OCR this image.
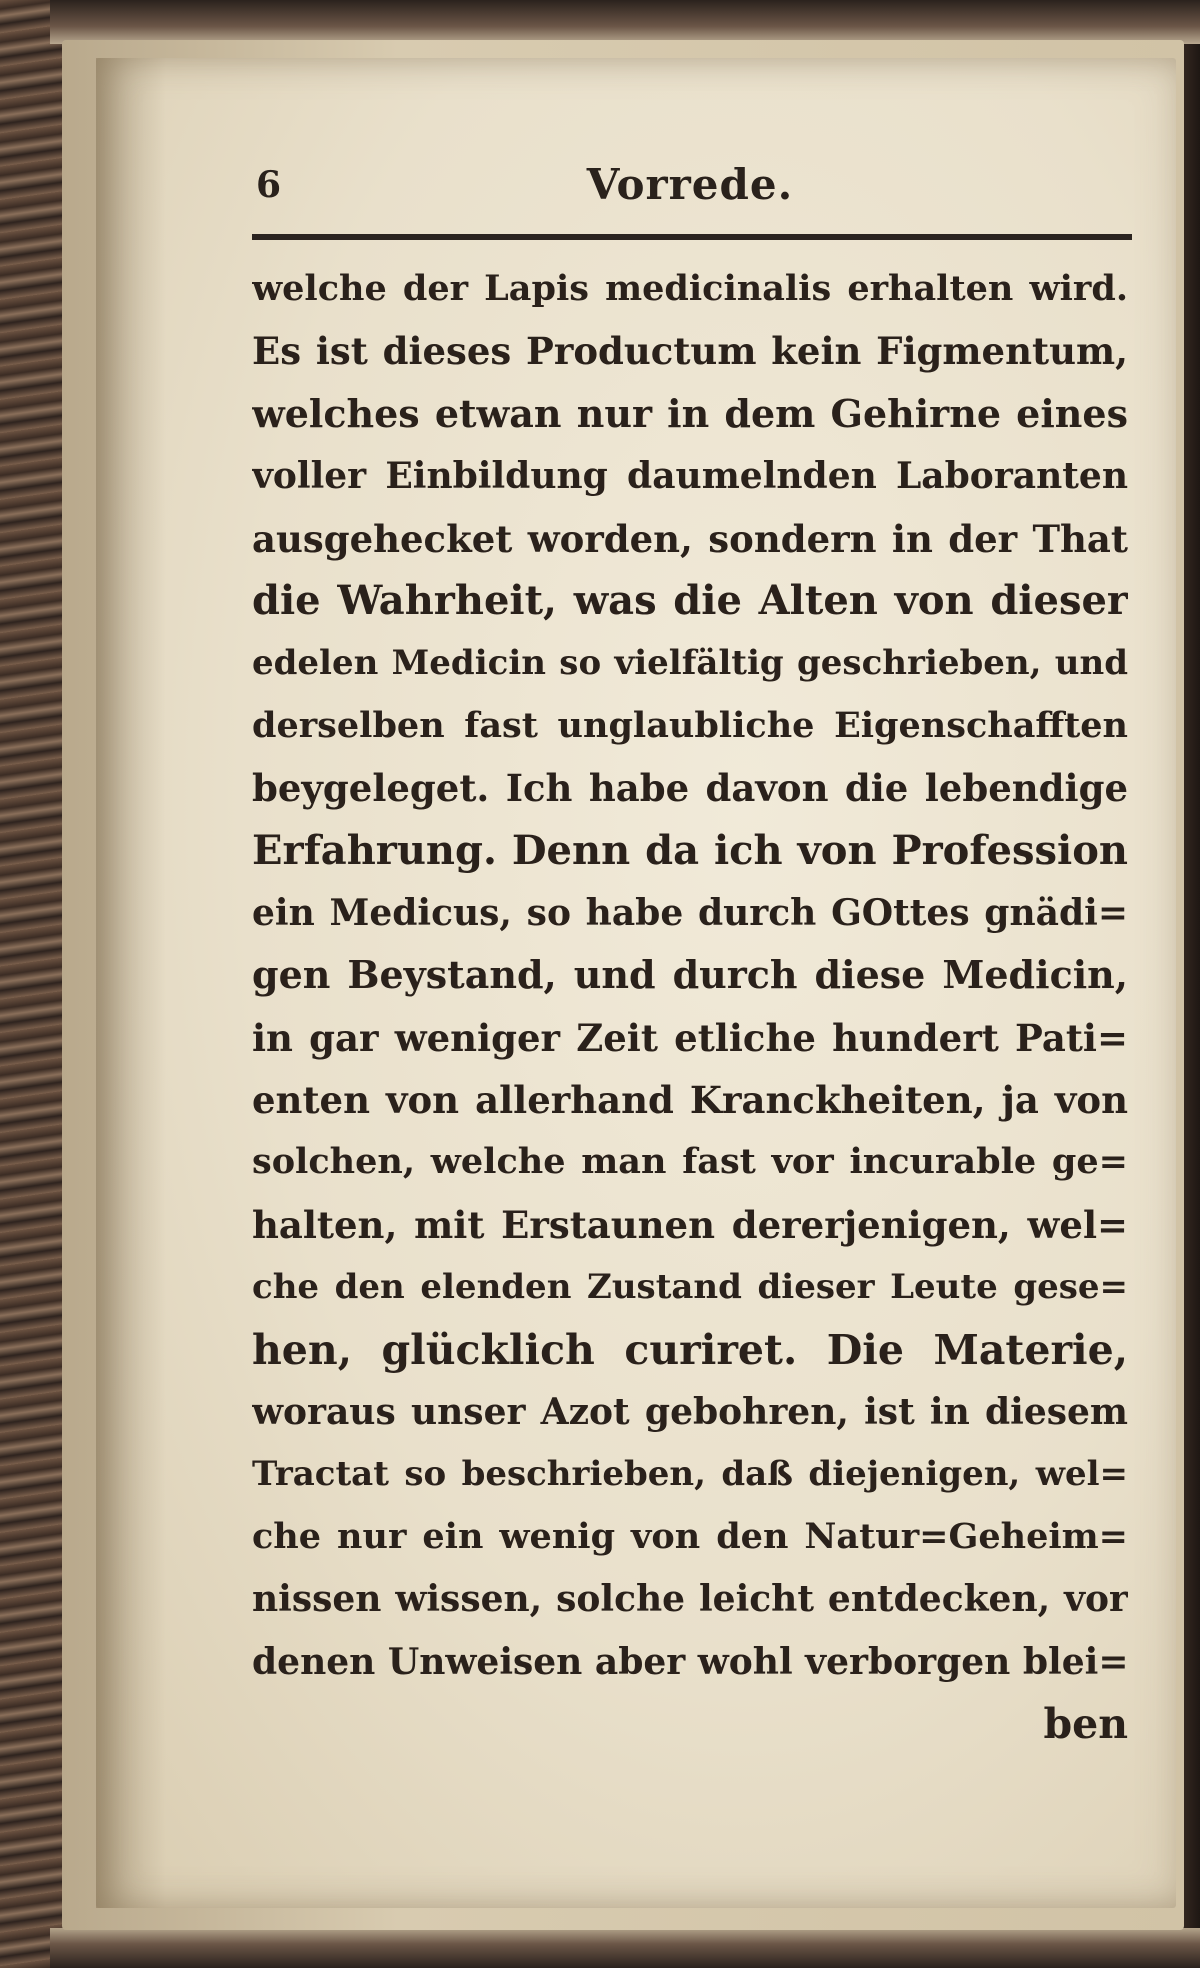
6	Vorrede.
welche der Lapis medicinalis erhalten wird.
Es ist dieses Productum kein Figmentum,
welches etwan nur in dem Gehirne eines
voller Einbildung daumelnden Laboranten
ausgehecket worden, sondern in der That
die Wahrheit, was die Alten von dieser
edelen Medicin so vielfältig geschrieben, und
derselben fast unglaubliche Eigenschafften
beygeleget. Ich habe davon die lebendige
Erfahrung. Denn da ich von Profession
ein Medicus, so habe durch GOttes gnädi=
gen Beystand, und durch diese Medicin,
in gar weniger Zeit etliche hundert Pati=
enten von allerhand Kranckheiten, ja von
solchen, welche man fast vor incurable ge=
halten, mit Erstaunen dererjenigen, wel=
che den elenden Zustand dieser Leute gese=
hen, glücklich curiret. Die Materie,
woraus unser Azot gebohren, ist in diesem
Tractat so beschrieben, daß diejenigen, wel=
che nur ein wenig von den Natur=Geheim=
nissen wissen, solche leicht entdecken, vor
denen Unweisen aber wohl verborgen blei=
ben
